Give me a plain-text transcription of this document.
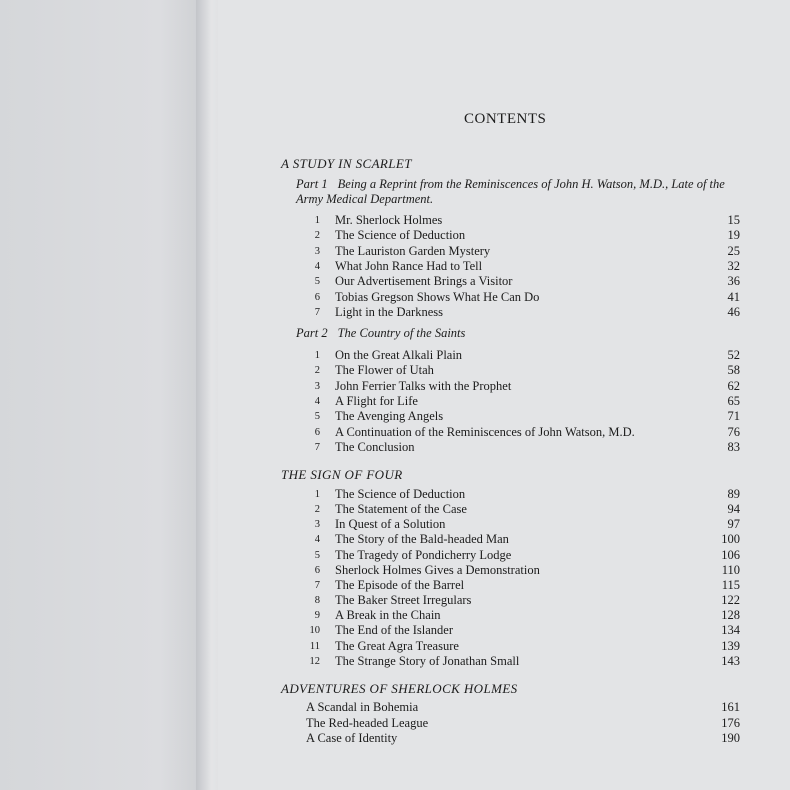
CONTENTS
A STUDY IN SCARLET
Part 1 Being a Reprint from the Reminiscences of John H. Watson, M.D., Late of the Army Medical Department.
1 Mr. Sherlock Holmes	15
2 The Science of Deduction	19
3 The Lauriston Garden Mystery	25
4 What John Rance Had to Tell	32
5 Our Advertisement Brings a Visitor	36
6 Tobias Gregson Shows What He Can Do	41
7 Light in the Darkness	46
Part 2 The Country of the Saints
1 On the Great Alkali Plain	52
2 The Flower of Utah	58
3 John Ferrier Talks with the Prophet	62
4 A Flight for Life	65
5 The Avenging Angels	71
6 A Continuation of the Reminiscences of John Watson, M.D.	76
7 The Conclusion	83
THE SIGN OF FOUR
1 The Science of Deduction	89
2 The Statement of the Case	94
3 In Quest of a Solution	97
4 The Story of the Bald-headed Man	100
5 The Tragedy of Pondicherry Lodge	106
6 Sherlock Holmes Gives a Demonstration	110
7 The Episode of the Barrel	115
8 The Baker Street Irregulars	122
9 A Break in the Chain	128
10 The End of the Islander	134
11 The Great Agra Treasure	139
12 The Strange Story of Jonathan Small	143
ADVENTURES OF SHERLOCK HOLMES
A Scandal in Bohemia	161
The Red-headed League	176
A Case of Identity	190
